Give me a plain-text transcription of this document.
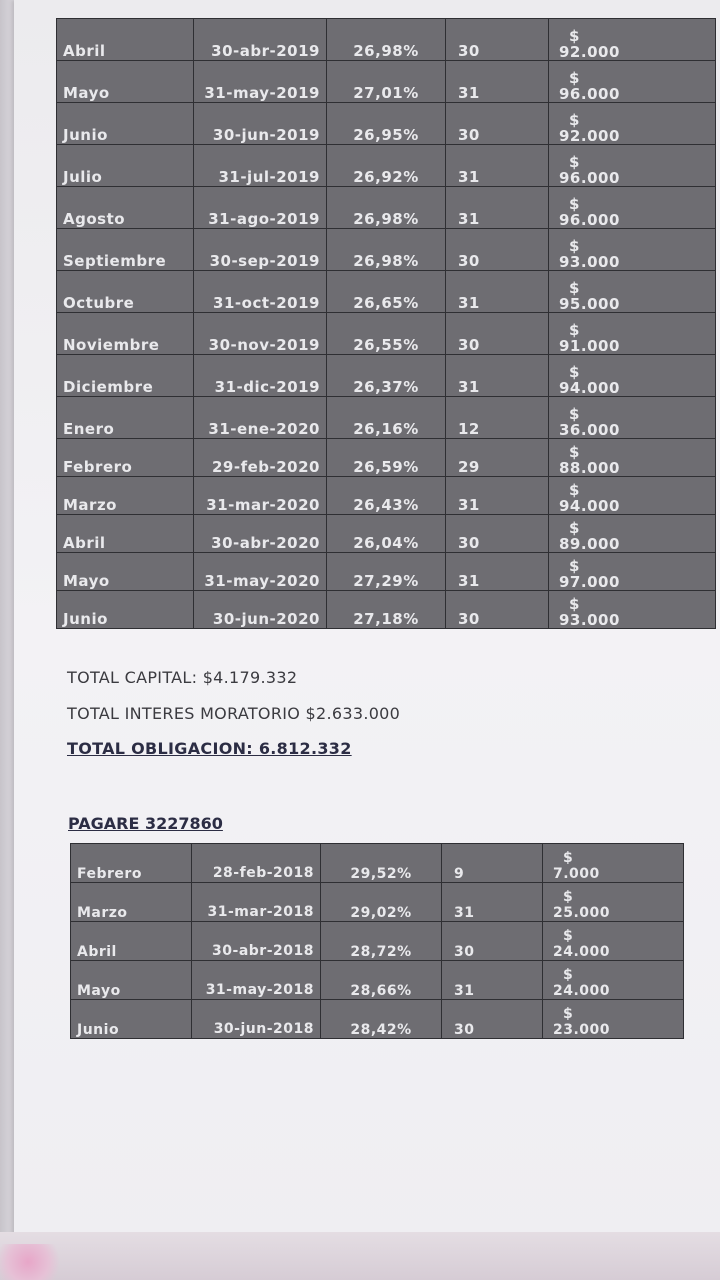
Abril	30-abr-2019	26,98%	30	$
92.000
Mayo	31-may-2019	27,01%	31	$
96.000
Junio	30-jun-2019	26,95%	30	$
92.000
Julio	31-jul-2019	26,92%	31	$
96.000
Agosto	31-ago-2019	26,98%	31	$
96.000
Septiembre	30-sep-2019	26,98%	30	$
93.000
Octubre	31-oct-2019	26,65%	31	$
95.000
Noviembre	30-nov-2019	26,55%	30	$
91.000
Diciembre	31-dic-2019	26,37%	31	$
94.000
Enero	31-ene-2020	26,16%	12	$
36.000
Febrero	29-feb-2020	26,59%	29	$
88.000
Marzo	31-mar-2020	26,43%	31	$
94.000
Abril	30-abr-2020	26,04%	30	$
89.000
Mayo	31-may-2020	27,29%	31	$
97.000
Junio	30-jun-2020	27,18%	30	$
93.000
TOTAL CAPITAL: $4.179.332
TOTAL INTERES MORATORIO $2.633.000
TOTAL OBLIGACION: 6.812.332
PAGARE 3227860
Febrero	28-feb-2018	29,52%	9	$
7.000
Marzo	31-mar-2018	29,02%	31	$
25.000
Abril	30-abr-2018	28,72%	30	$
24.000
Mayo	31-may-2018	28,66%	31	$
24.000
Junio	30-jun-2018	28,42%	30	$
23.000
